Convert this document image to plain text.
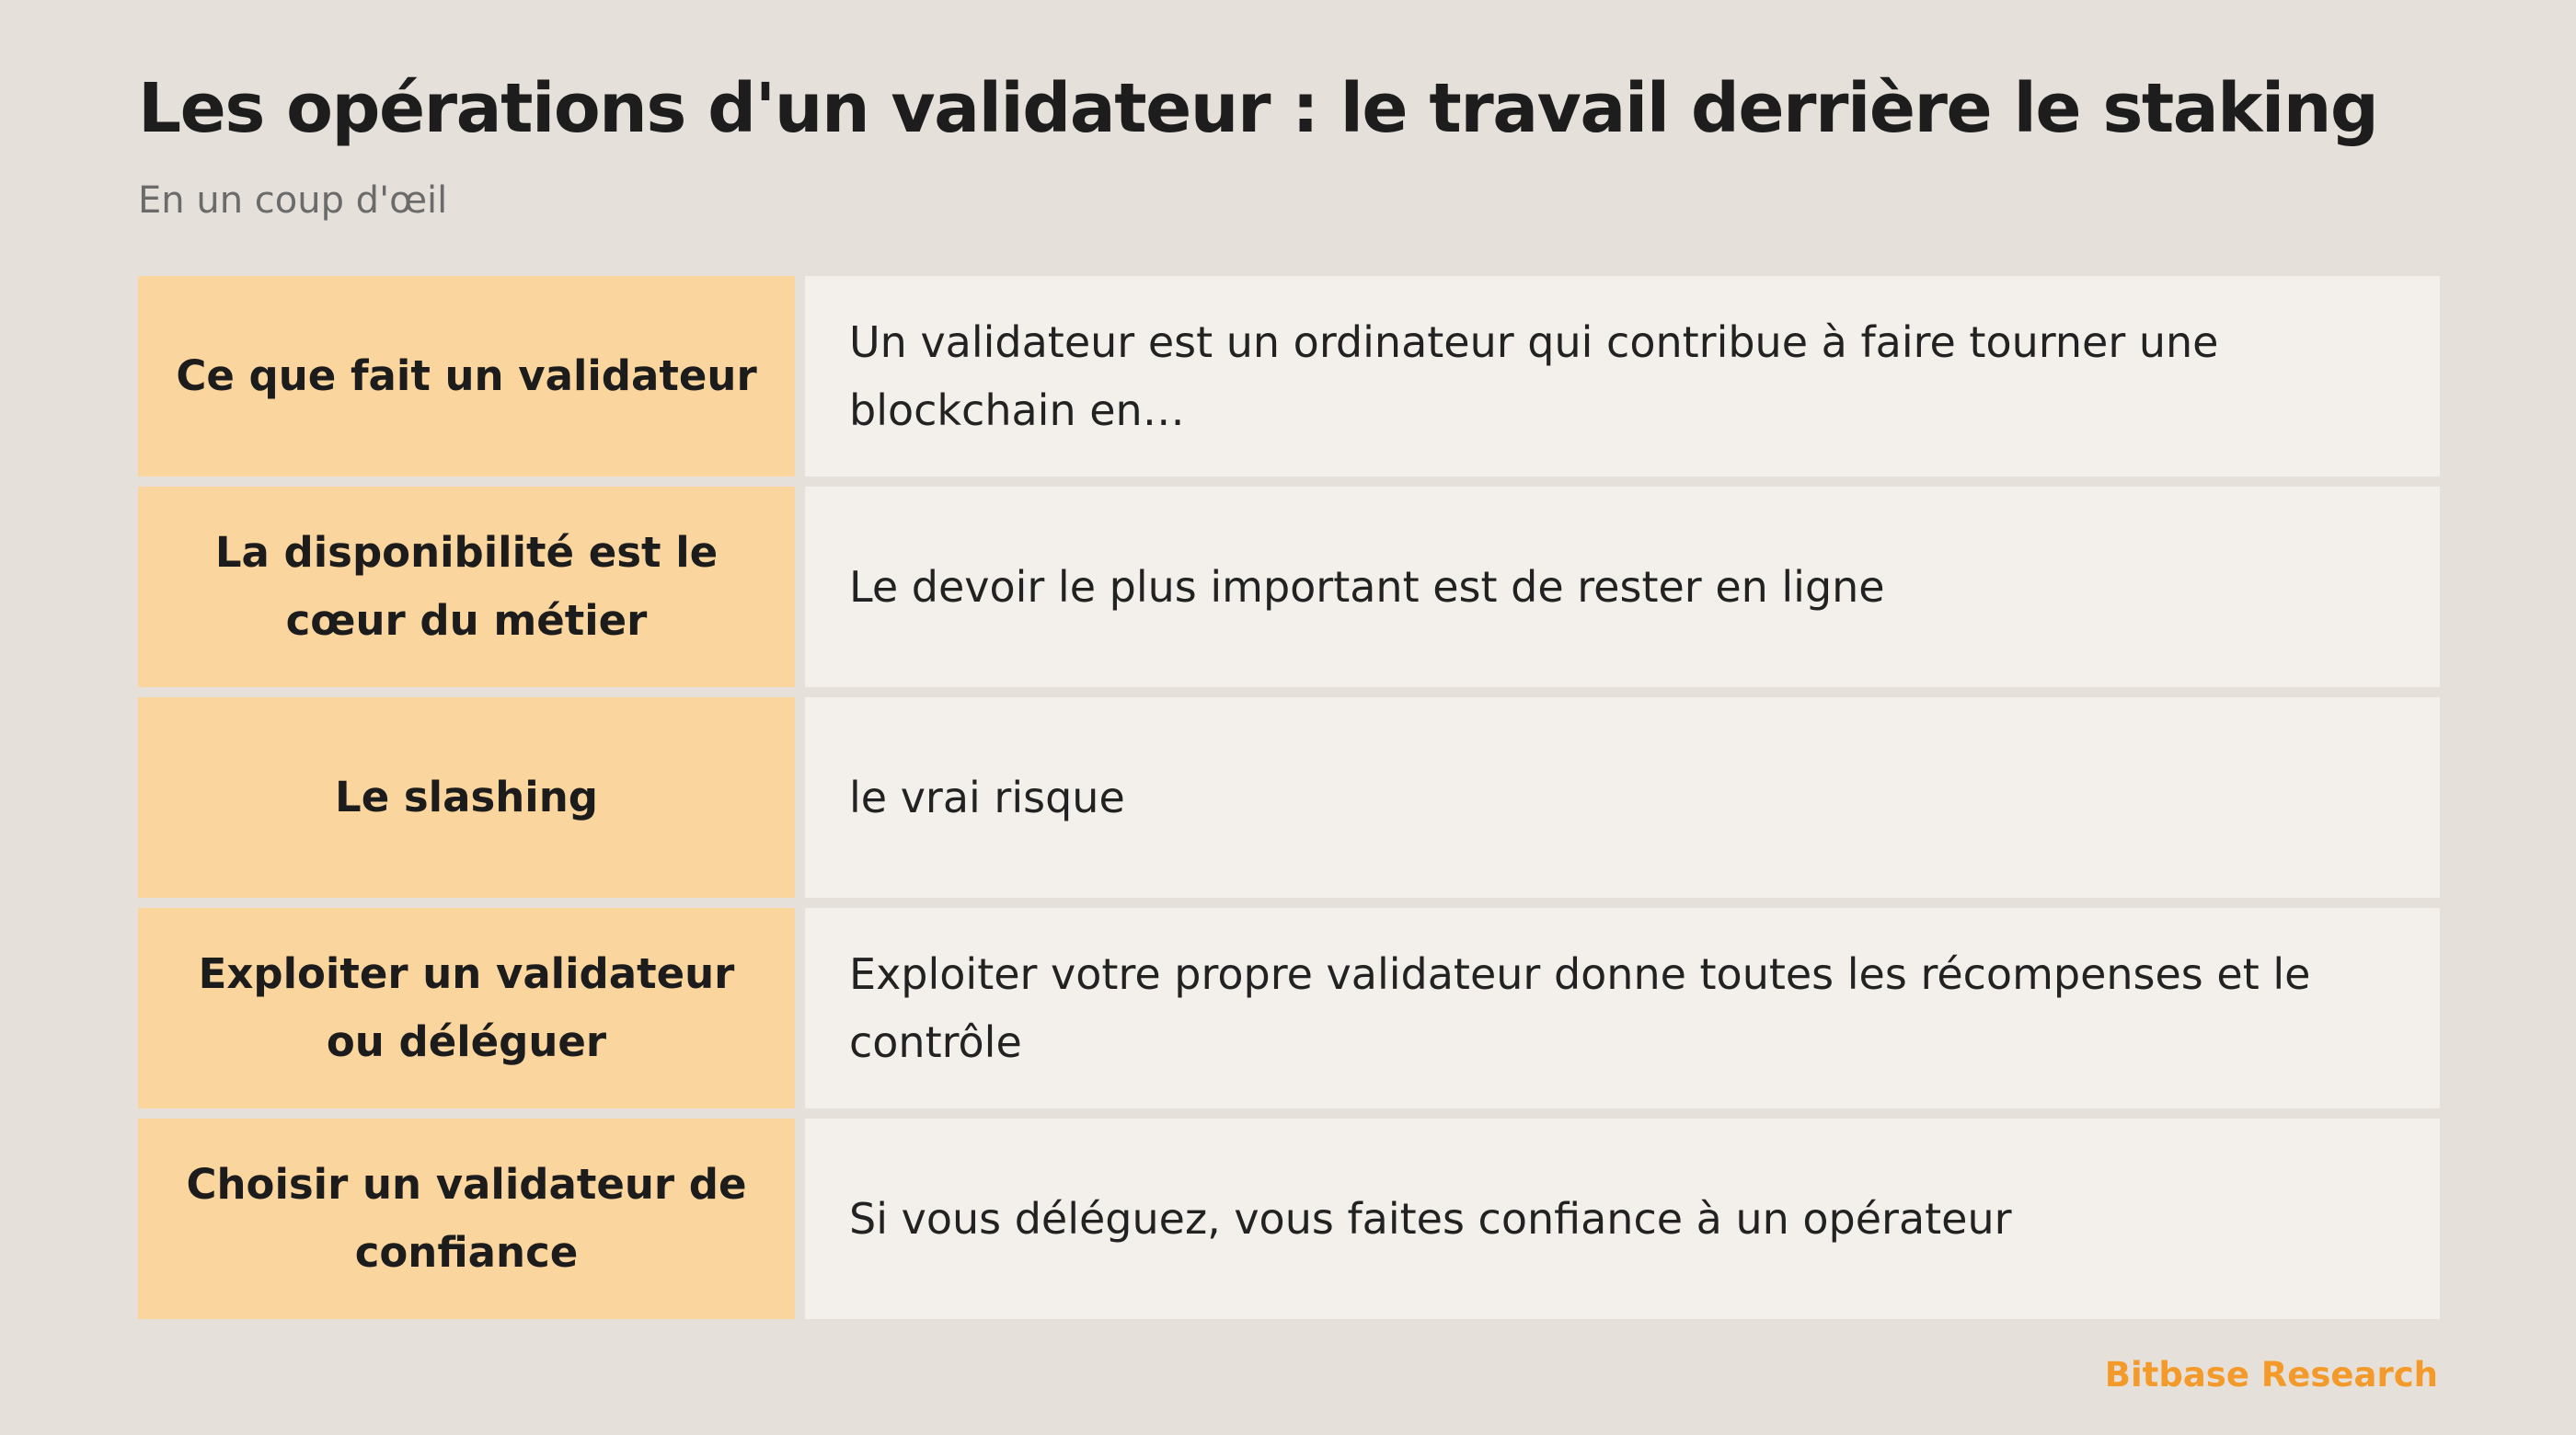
Les opérations d'un validateur : le travail derrière le staking

En un coup d'œil

Ce que fait un validateur
Un validateur est un ordinateur qui contribue à faire tourner une blockchain en…
La disponibilité est le cœur du métier
Le devoir le plus important est de rester en ligne
Le slashing	le vrai risque
Exploiter un validateur ou déléguer
Exploiter votre propre validateur donne toutes les récompenses et le contrôle
Choisir un validateur de confiance
Si vous déléguez, vous faites confiance à un opérateur
Bitbase Research
